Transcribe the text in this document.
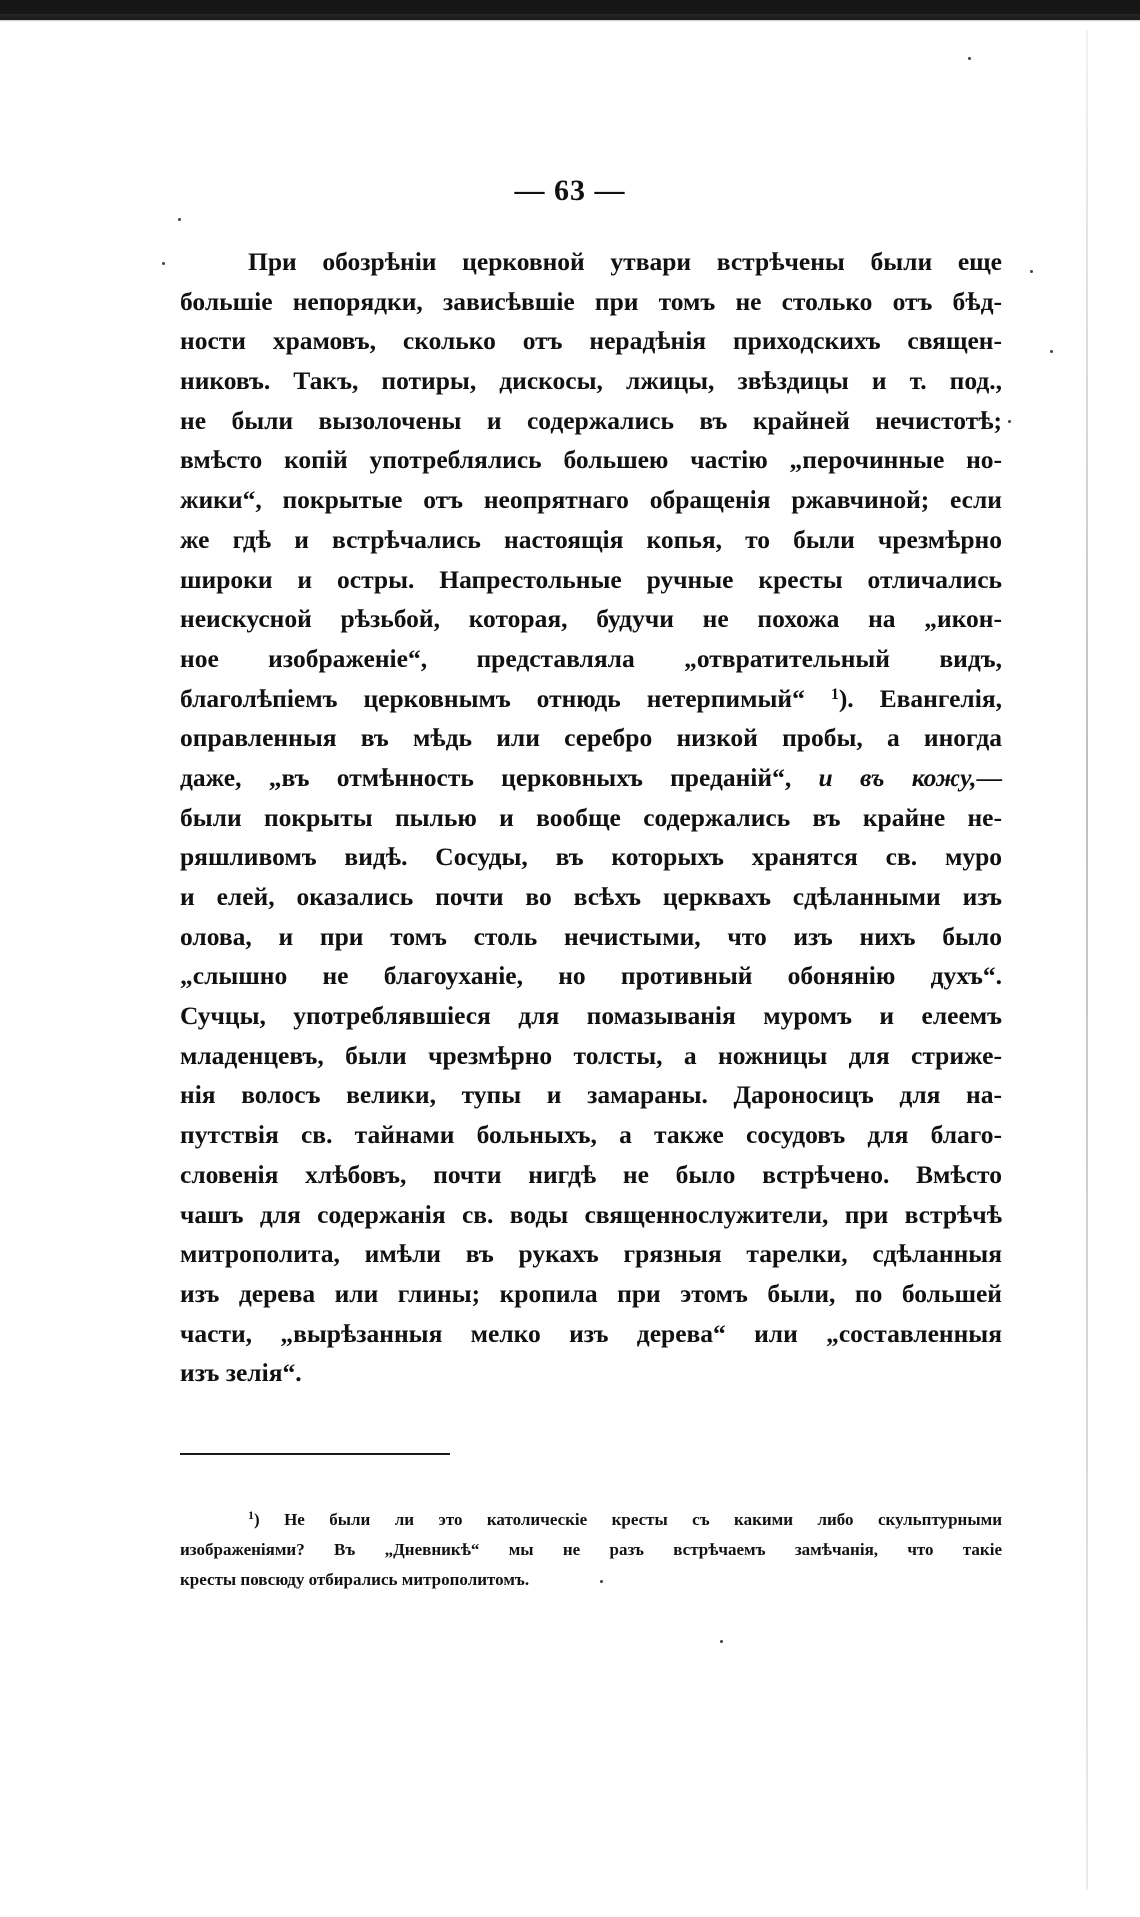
— 63 —
При обозрѣніи церковной утвари встрѣчены были еще
большіе непорядки, зависѣвшіе при томъ не столько отъ бѣд-
ности храмовъ, сколько отъ нерадѣнія приходскихъ священ-
никовъ. Такъ, потиры, дискосы, лжицы, звѣздицы и т. под.,
не были вызолочены и содержались въ крайней нечистотѣ;
вмѣсто копій употреблялись большею частію „перочинные но-
жики“, покрытые отъ неопрятнаго обращенія ржавчиной; если
же гдѣ и встрѣчались настоящія копья, то были чрезмѣрно
широки и остры. Напрестольные ручные кресты отличались
неискусной рѣзьбой, которая, будучи не похожа на „икон-
ное изображеніе“, представляла „отвратительный видъ,
благолѣпіемъ церковнымъ отнюдь нетерпимый“ $^1$). Евангелія,
оправленныя въ мѣдь или серебро низкой пробы, а иногда
даже, „въ отмѣнность церковныхъ преданій“, и въ кожу,—
были покрыты пылью и вообще содержались въ крайне не-
ряшливомъ видѣ. Сосуды, въ которыхъ хранятся св. муро
и елей, оказались почти во всѣхъ церквахъ сдѣланными изъ
олова, и при томъ столь нечистыми, что изъ нихъ было
„слышно не благоуханіе, но противный обонянію духъ“.
Сучцы, употреблявшіеся для помазыванія муромъ и елеемъ
младенцевъ, были чрезмѣрно толсты, а ножницы для стриже-
нія волосъ велики, тупы и замараны. Дароносицъ для на-
путствія св. тайнами больныхъ, а также сосудовъ для благо-
словенія хлѣбовъ, почти нигдѣ не было встрѣчено. Вмѣсто
чашъ для содержанія св. воды священнослужители, при встрѣчѣ
митрополита, имѣли въ рукахъ грязныя тарелки, сдѣланныя
изъ дерева или глины; кропила при этомъ были, по большей
части, „вырѣзанныя мелко изъ дерева“ или „составленныя
изъ зелія“.
$^1$) Не были ли это католическіе кресты съ какими либо скульптурными
изображеніями? Въ „Дневникѣ“ мы не разъ встрѣчаемъ замѣчанія, что такіе
кресты повсюду отбирались митрополитомъ.
